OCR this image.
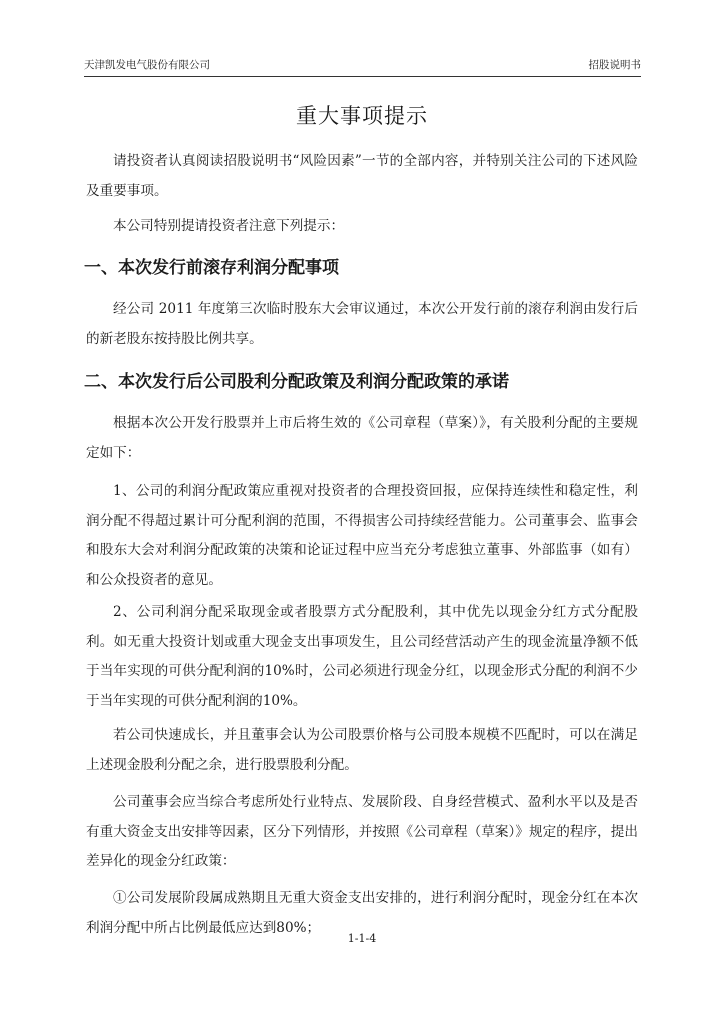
天津凯发电气股份有限公司	招股说明书
重大事项提示

请投资者认真阅读招股说明书“风险因素”一节的全部内容，并特别关注公司的下述风险及重要事项。

本公司特别提请投资者注意下列提示：

一、本次发行前滚存利润分配事项

经公司 2011 年度第三次临时股东大会审议通过，本次公开发行前的滚存利润由发行后的新老股东按持股比例共享。

二、本次发行后公司股利分配政策及利润分配政策的承诺

根据本次公开发行股票并上市后将生效的《公司章程（草案）》，有关股利分配的主要规定如下：

1、公司的利润分配政策应重视对投资者的合理投资回报，应保持连续性和稳定性，利润分配不得超过累计可分配利润的范围，不得损害公司持续经营能力。公司董事会、监事会和股东大会对利润分配政策的决策和论证过程中应当充分考虑独立董事、外部监事（如有）和公众投资者的意见。

2、公司利润分配采取现金或者股票方式分配股利，其中优先以现金分红方式分配股利。如无重大投资计划或重大现金支出事项发生，且公司经营活动产生的现金流量净额不低于当年实现的可供分配利润的10%时，公司必须进行现金分红，以现金形式分配的利润不少于当年实现的可供分配利润的10%。

若公司快速成长，并且董事会认为公司股票价格与公司股本规模不匹配时，可以在满足上述现金股利分配之余，进行股票股利分配。

公司董事会应当综合考虑所处行业特点、发展阶段、自身经营模式、盈利水平以及是否有重大资金支出安排等因素，区分下列情形，并按照《公司章程（草案）》规定的程序，提出差异化的现金分红政策：

①公司发展阶段属成熟期且无重大资金支出安排的，进行利润分配时，现金分红在本次利润分配中所占比例最低应达到80%；

1-1-4
